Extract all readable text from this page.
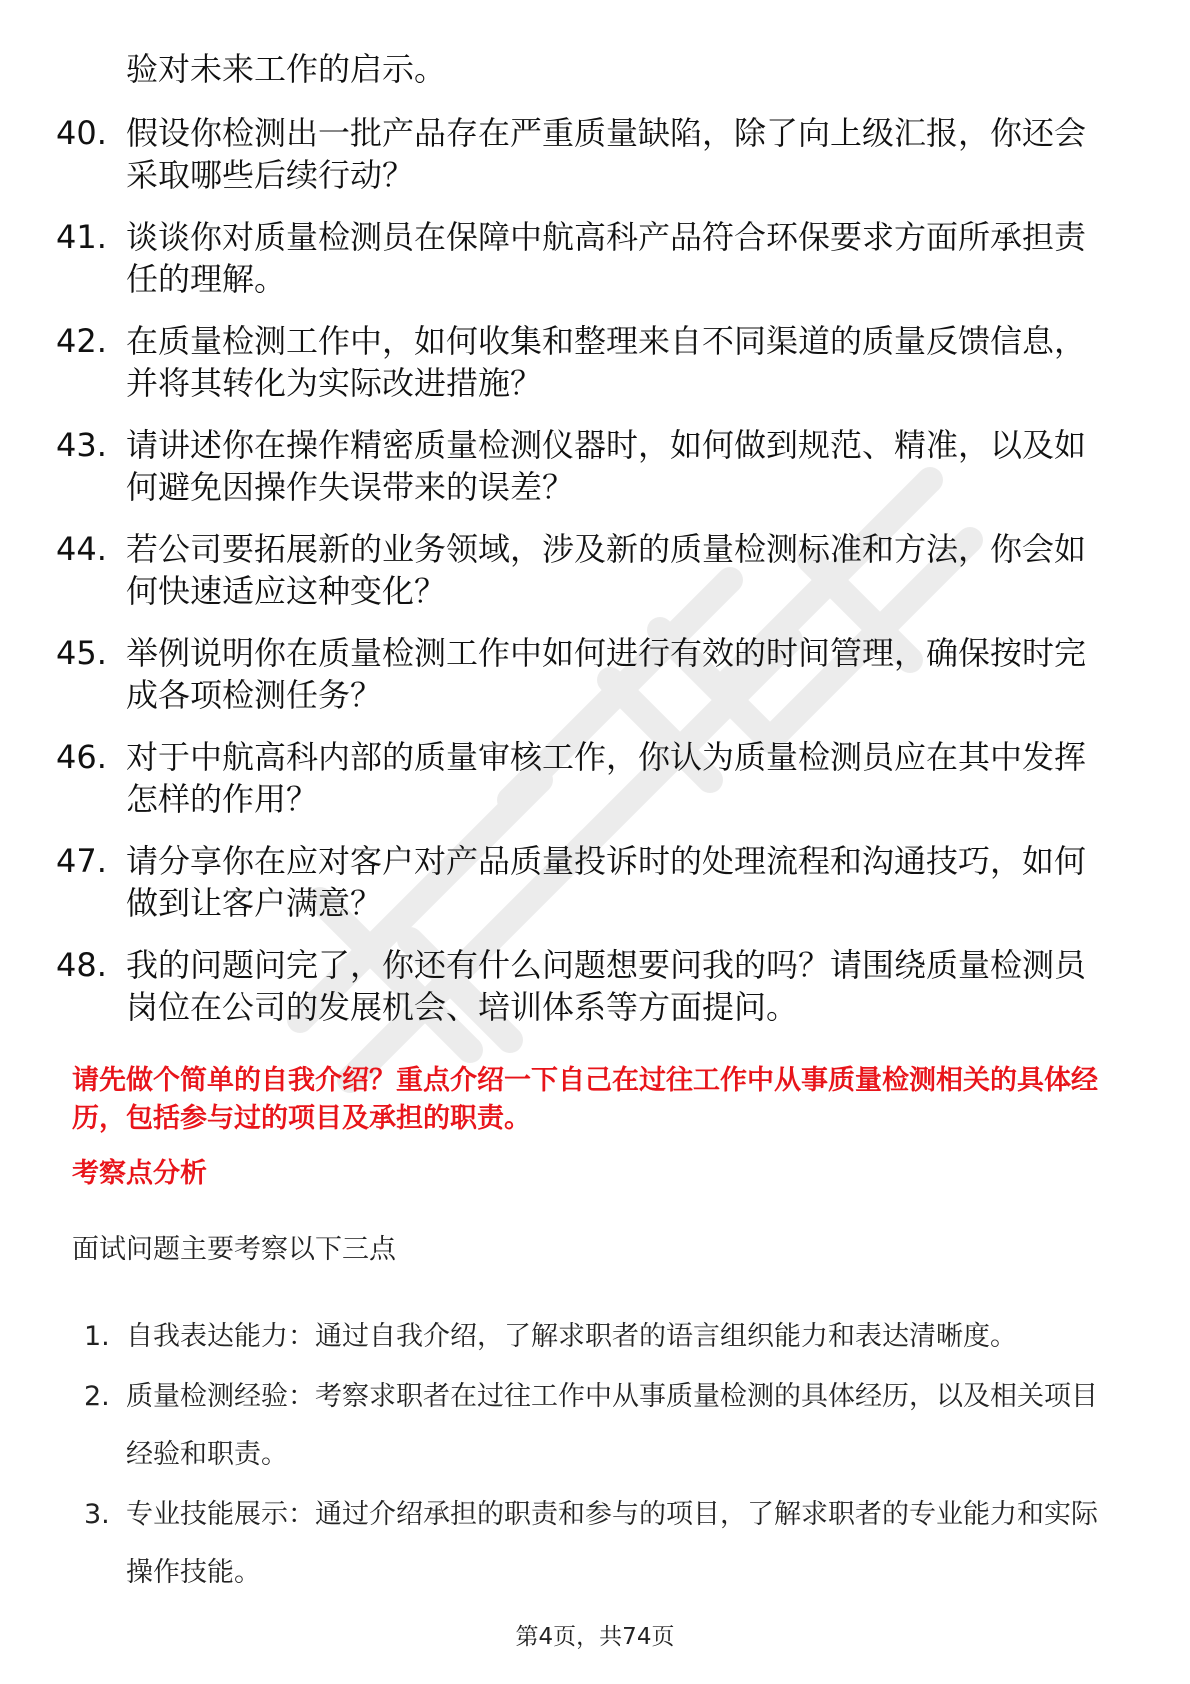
验对未来工作的启示。
40. 假设你检测出一批产品存在严重质量缺陷，除了向上级汇报，你还会采取哪些后续行动？
41. 谈谈你对质量检测员在保障中航高科产品符合环保要求方面所承担责任的理解。
42. 在质量检测工作中，如何收集和整理来自不同渠道的质量反馈信息，并将其转化为实际改进措施？
43. 请讲述你在操作精密质量检测仪器时，如何做到规范、精准，以及如何避免因操作失误带来的误差？
44. 若公司要拓展新的业务领域，涉及新的质量检测标准和方法，你会如何快速适应这种变化？
45. 举例说明你在质量检测工作中如何进行有效的时间管理，确保按时完成各项检测任务？
46. 对于中航高科内部的质量审核工作，你认为质量检测员应在其中发挥怎样的作用？
47. 请分享你在应对客户对产品质量投诉时的处理流程和沟通技巧，如何做到让客户满意？
48. 我的问题问完了，你还有什么问题想要问我的吗？请围绕质量检测员岗位在公司的发展机会、培训体系等方面提问。
请先做个简单的自我介绍？重点介绍一下自己在过往工作中从事质量检测相关的具体经历，包括参与过的项目及承担的职责。
考察点分析
面试问题主要考察以下三点
1. 自我表达能力：通过自我介绍，了解求职者的语言组织能力和表达清晰度。
2. 质量检测经验：考察求职者在过往工作中从事质量检测的具体经历，以及相关项目经验和职责。
3. 专业技能展示：通过介绍承担的职责和参与的项目，了解求职者的专业能力和实际操作技能。
第4页，共74页
